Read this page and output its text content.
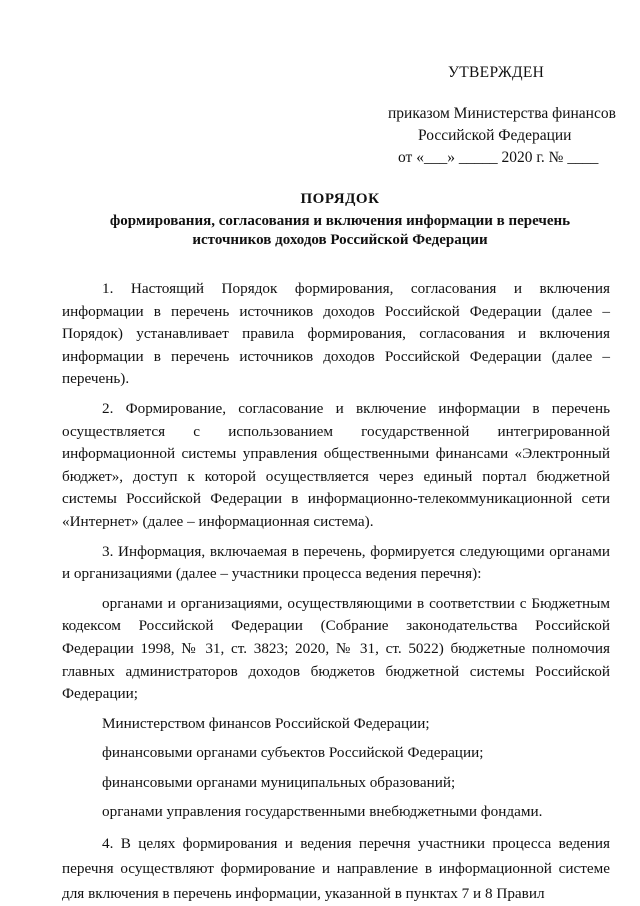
УТВЕРЖДЕН
приказом Министерства финансов
Российской Федерации
от «___» _____ 2020 г. № ____
ПОРЯДОК
формирования, согласования и включения информации в перечень
источников доходов Российской Федерации

1. Настоящий Порядок формирования, согласования и включения информации в перечень источников доходов Российской Федерации (далее – Порядок) устанавливает правила формирования, согласования и включения информации в перечень источников доходов Российской Федерации (далее – перечень).

2. Формирование, согласование и включение информации в перечень осуществляется с использованием государственной интегрированной информационной системы управления общественными финансами «Электронный бюджет», доступ к которой осуществляется через единый портал бюджетной системы Российской Федерации в информационно-телекоммуникационной сети «Интернет» (далее – информационная система).

3. Информация, включаемая в перечень, формируется следующими органами и организациями (далее – участники процесса ведения перечня):

органами и организациями, осуществляющими в соответствии с Бюджетным кодексом Российской Федерации (Собрание законодательства Российской Федерации 1998, № 31, ст. 3823; 2020, № 31, ст. 5022) бюджетные полномочия главных администраторов доходов бюджетов бюджетной системы Российской Федерации;

Министерством финансов Российской Федерации;

финансовыми органами субъектов Российской Федерации;

финансовыми органами муниципальных образований;

органами управления государственными внебюджетными фондами.

4. В целях формирования и ведения перечня участники процесса ведения перечня осуществляют формирование и направление в информационной системе для включения в перечень информации, указанной в пунктах 7 и 8 Правил
